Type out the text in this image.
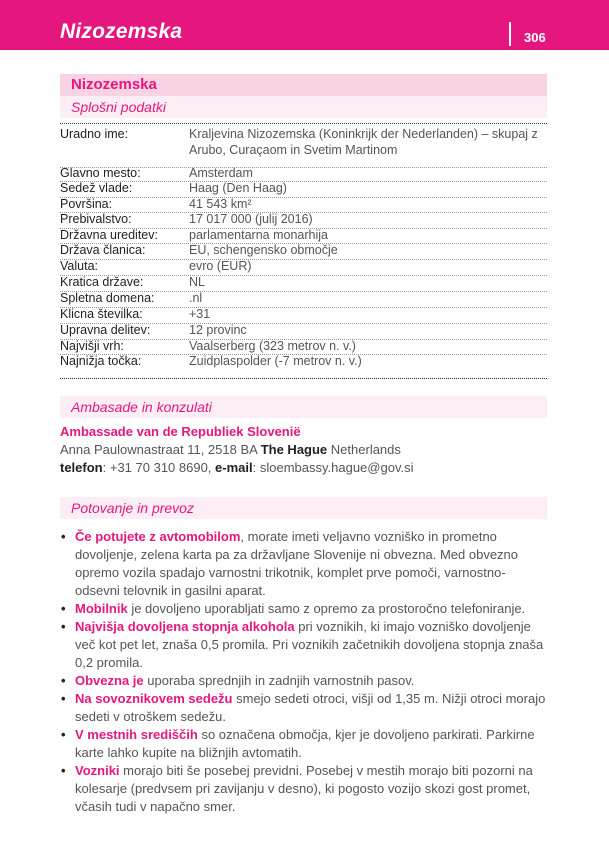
Nizozemska	306
Nizozemska
Splošni podatki
Uradno ime:	Kraljevina Nizozemska (Koninkrijk der Nederlanden) – skupaj z Arubo, Curaçaom in Svetim Martinom
Glavno mesto:	Amsterdam
Sedež vlade:	Haag (Den Haag)
Površina:	41 543 km²
Prebivalstvo:	17 017 000 (julij 2016)
Državna ureditev:	parlamentarna monarhija
Država članica:	EU, schengensko območje
Valuta:	evro (EUR)
Kratica države:	NL
Spletna domena:	.nl
Klicna številka:	+31
Upravna delitev:	12 provinc
Najvišji vrh:	Vaalserberg (323 metrov n. v.)
Najnižja točka:	Zuidplaspolder (-7 metrov n. v.)
Ambasade in konzulati
Ambassade van de Republiek Slovenië
Anna Paulownastraat 11, 2518 BA The Hague Netherlands
telefon: +31 70 310 8690, e-mail: sloembassy.hague@gov.si
Potovanje in prevoz
• Če potujete z avtomobilom, morate imeti veljavno vozniško in prometno dovoljenje, zelena karta pa za državljane Slovenije ni obvezna. Med obvezno opremo vozila spadajo varnostni trikotnik, komplet prve pomoči, varnostno-odsevni telovnik in gasilni aparat.
• Mobilnik je dovoljeno uporabljati samo z opremo za prostoročno telefoniranje.
• Najvišja dovoljena stopnja alkohola pri voznikih, ki imajo vozniško dovoljenje več kot pet let, znaša 0,5 promila. Pri voznikih začetnikih dovoljena stopnja znaša 0,2 promila.
• Obvezna je uporaba sprednjih in zadnjih varnostnih pasov.
• Na sovoznikovem sedežu smejo sedeti otroci, višji od 1,35 m. Nižji otroci morajo sedeti v otroškem sedežu.
• V mestnih središčih so označena območja, kjer je dovoljeno parkirati. Parkirne karte lahko kupite na bližnjih avtomatih.
• Vozniki morajo biti še posebej previdni. Posebej v mestih morajo biti pozorni na kolesarje (predvsem pri zavijanju v desno), ki pogosto vozijo skozi gost promet, včasih tudi v napačno smer.
